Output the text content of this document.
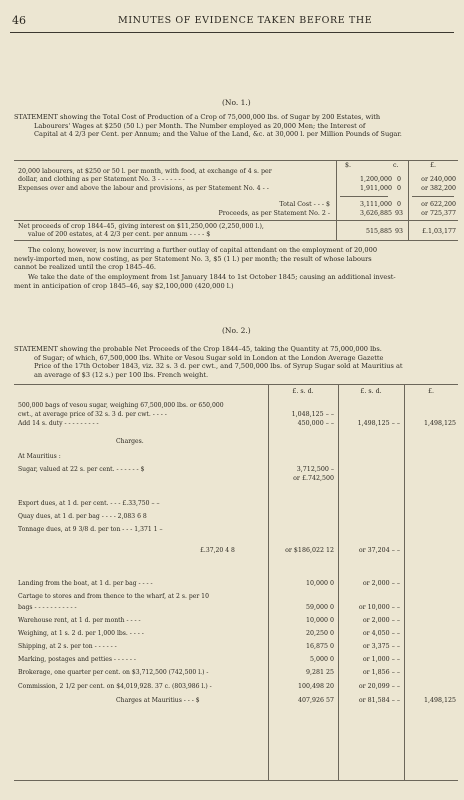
46	MINUTES OF EVIDENCE TAKEN BEFORE THE
(No. 1.)
STATEMENT showing the Total Cost of Production of a Crop of 75,000,000 lbs. of Sugar by 200 Estates, with
Labourers' Wages at $250 (50 l.) per Month. The Number employed as 20,000 Men; the Interest of
Capital at 4 2/3 per Cent. per Annum; and the Value of the Land, &c. at 30,000 l. per Million Pounds of Sugar.
$.	c.	£.
20,000 labourers, at $250 or 50 l. per month, with food, at exchange of 4 s. per
dollar, and clothing as per Statement No. 3 - - - - - - -	1,200,000 0	or 240,000
Expenses over and above the labour and provisions, as per Statement No. 4 - -	1,911,000 0	or 382,200
Total Cost - - - $	3,111,000 0	or 622,200
Proceeds, as per Statement No. 2 -	3,626,885 93	or 725,377
Net proceeds of crop 1844–45, giving interest on $11,250,000 (2,250,000 l.),
value of 200 estates, at 4 2/3 per cent. per annum - - - - $	515,885 93	£.1,03,177
The colony, however, is now incurring a further outlay of capital attendant on the employment of 20,000
newly-imported men, now costing, as per Statement No. 3, $5 (1 l.) per month; the result of whose labours
cannot be realized until the crop 1845–46.
We take the date of the employment from 1st January 1844 to 1st October 1845; causing an additional invest-
ment in anticipation of crop 1845–46, say $2,100,000 (420,000 l.)
(No. 2.)
STATEMENT showing the probable Net Proceeds of the Crop 1844–45, taking the Quantity at 75,000,000 lbs.
of Sugar; of which, 67,500,000 lbs. White or Vesou Sugar sold in London at the London Average Gazette
Price of the 17th October 1843, viz. 32 s. 3 d. per cwt., and 7,500,000 lbs. of Syrup Sugar sold at Mauritius at
an average of $3 (12 s.) per 100 lbs. French weight.
£. s. d.	£. s. d.	£.
500,000 bags of vesou sugar, weighing 67,500,000 lbs. or 650,000
cwt., at average price of 32 s. 3 d. per cwt. - - - -	1,048,125 – –
Add 14 s. duty - - - - - - - - -	450,000 – –	1,498,125 – –	1,498,125
Charges.
At Mauritius :
Sugar, valued at 22 s. per cent. - - - - - - $	3,712,500 –
or £.742,500
Export dues, at 1 d. per cent. - - - £.33,750 – –
Quay dues, at 1 d. per bag - - - - 2,083 6 8
Tonnage dues, at 9 3/8 d. per ton - - - 1,371 1 –
£.37,20 4 8	or $186,022 12	or 37,204 – –
Landing from the boat, at 1 d. per bag - - - -	10,000 0	or 2,000 – –
Cartage to stores and from thence to the wharf, at 2 s. per 10
bags - - - - - - - - - - -	59,000 0	or 10,000 – –
Warehouse rent, at 1 d. per month - - - -	10,000 0	or 2,000 – –
Weighing, at 1 s. 2 d. per 1,000 lbs. - - - -	20,250 0	or 4,050 – –
Shipping, at 2 s. per ton - - - - - -	16,875 0	or 3,375 – –
Marking, postages and petties - - - - - -	5,000 0	or 1,000 – –
Brokerage, one quarter per cent. on $3,712,500 (742,500 l.) -	9,281 25	or 1,856 – –
Commission, 2 1/2 per cent. on $4,019,928. 37 c. (803,986 l.) -	100,498 20	or 20,099 – –
Charges at Mauritius - - - $	407,926 57	or 81,584 – –	1,498,125
